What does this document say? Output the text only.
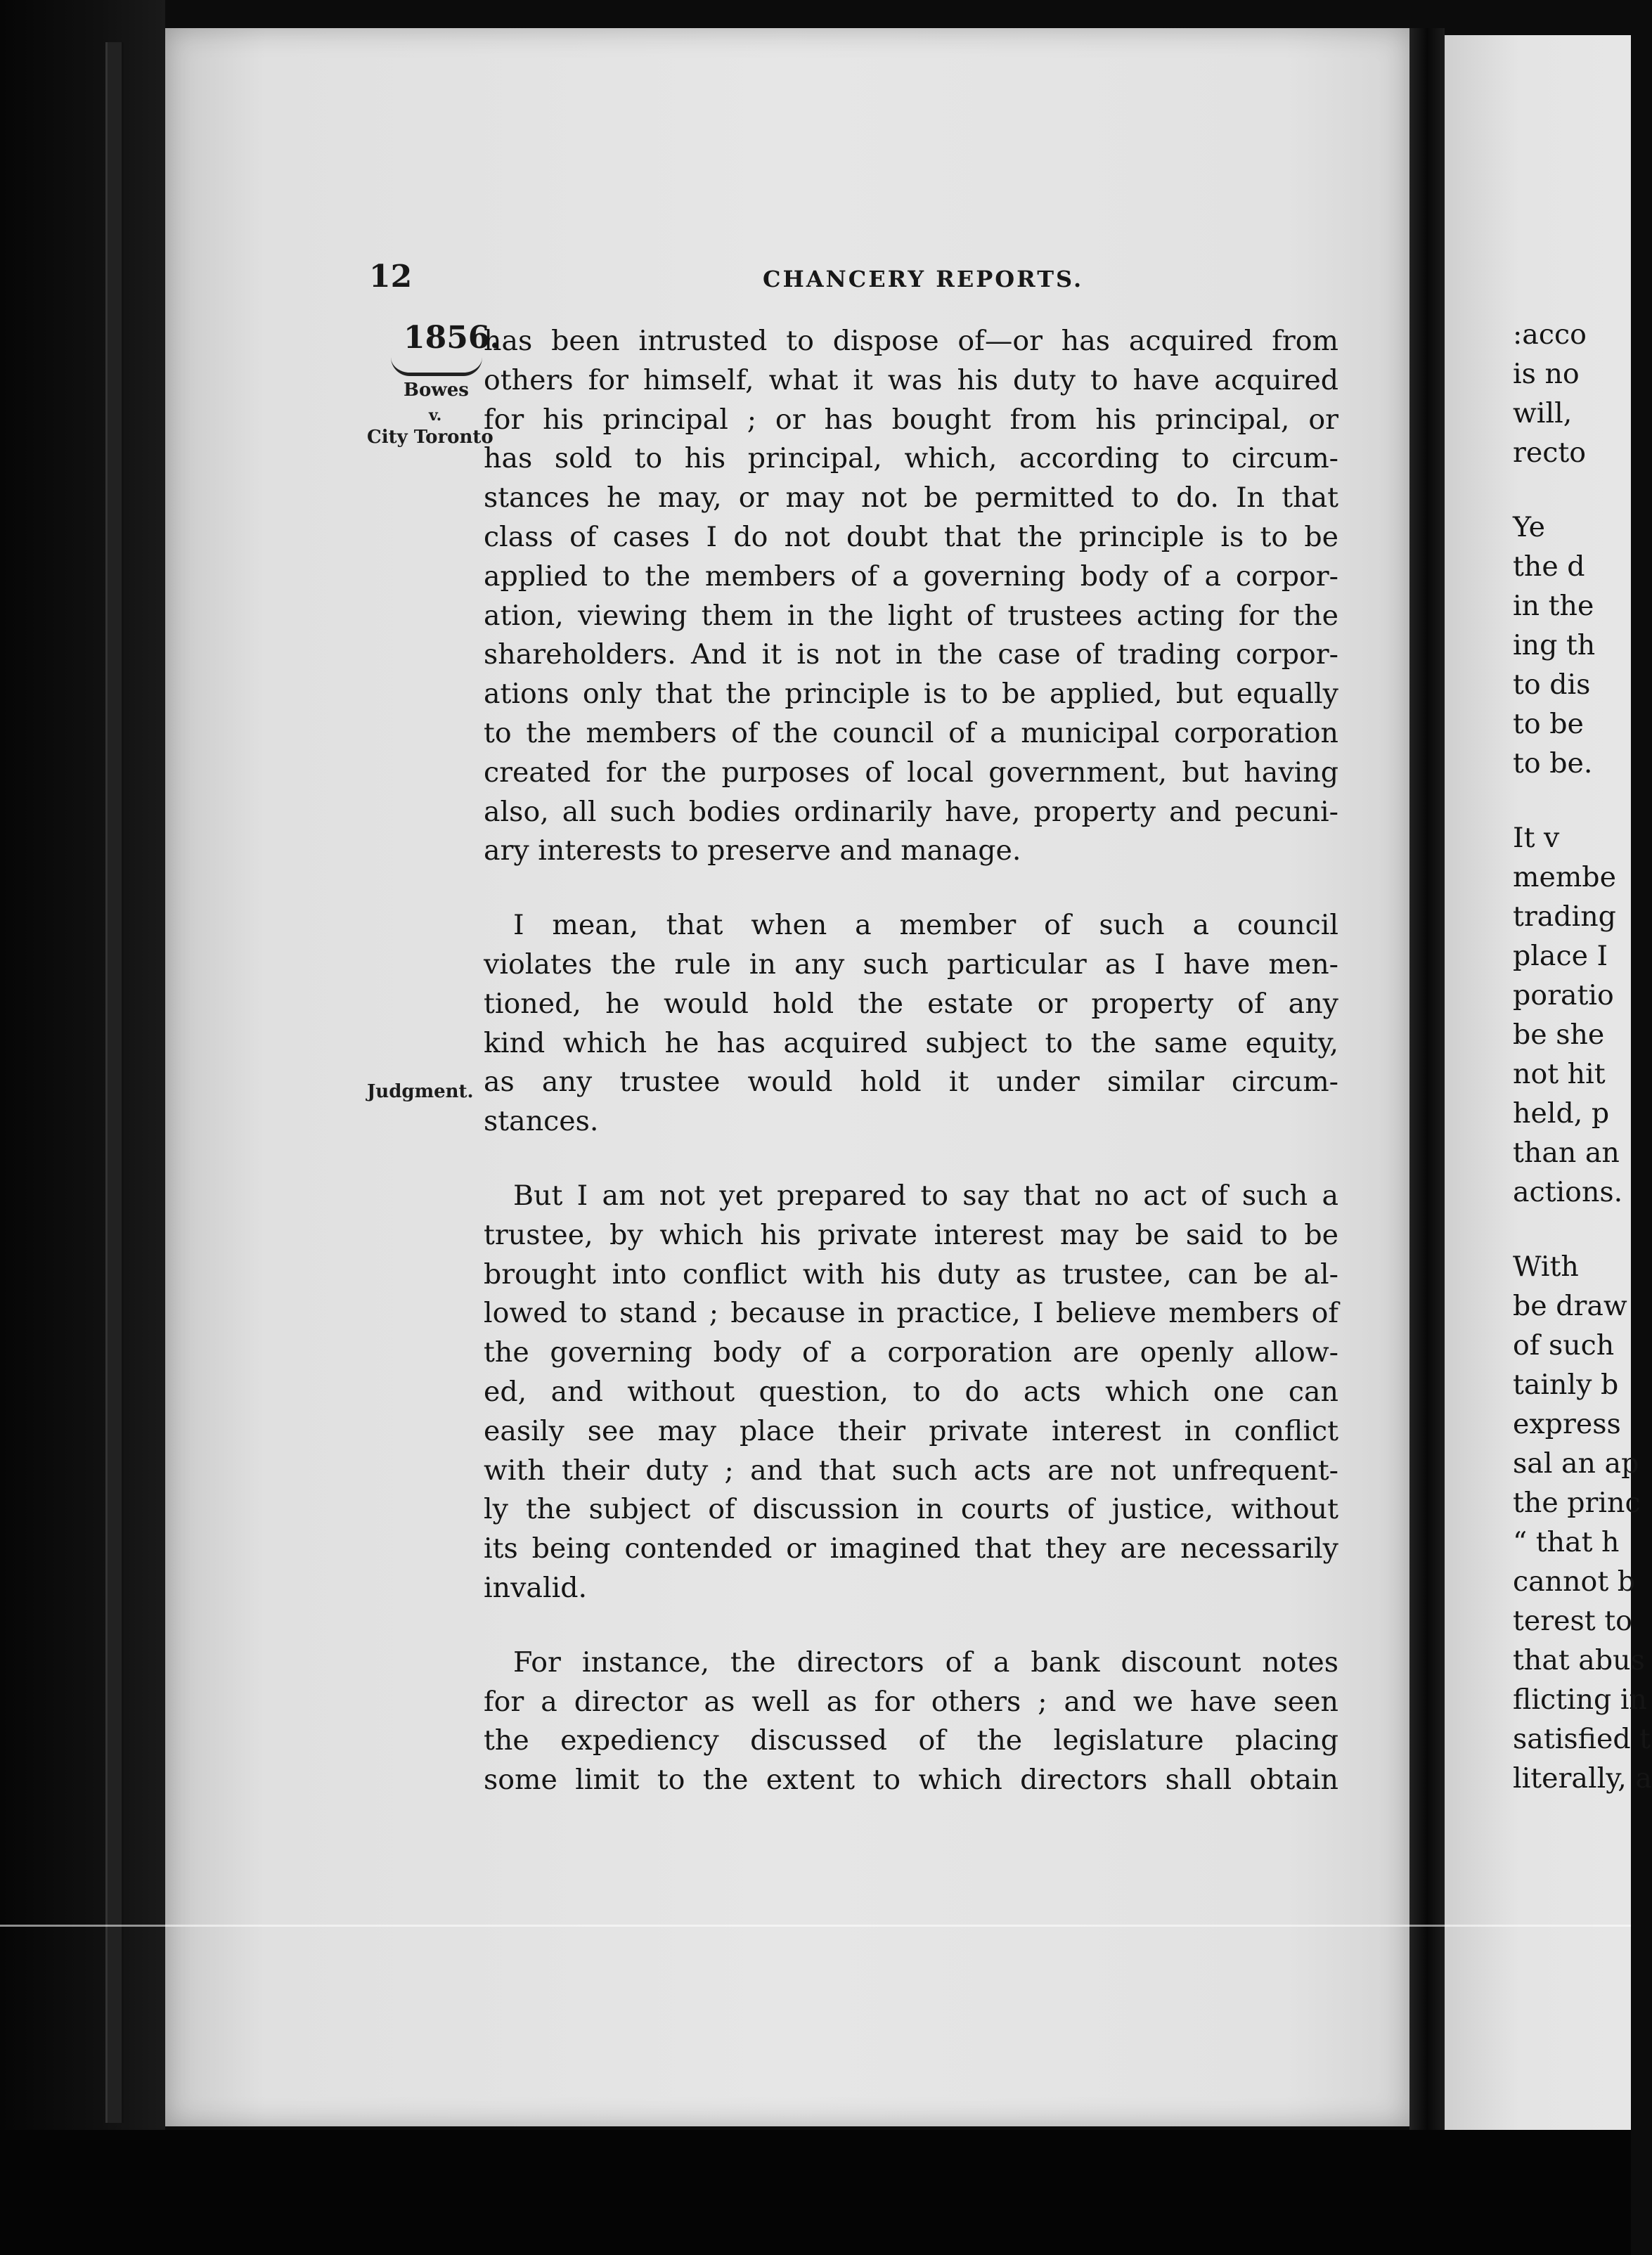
12	CHANCERY REPORTS.
1856.
Bowes
v.
City Toronto
Judgment.
has been intrusted to dispose of—or has acquired from
others for himself, what it was his duty to have acquired
for his principal ; or has bought from his principal, or
has sold to his principal, which, according to circum-
stances he may, or may not be permitted to do. In that
class of cases I do not doubt that the principle is to be
applied to the members of a governing body of a corpor-
ation, viewing them in the light of trustees acting for the
shareholders. And it is not in the case of trading corpor-
ations only that the principle is to be applied, but equally
to the members of the council of a municipal corporation
created for the purposes of local government, but having
also, all such bodies ordinarily have, property and pecuni-
ary interests to preserve and manage.
I mean, that when a member of such a council
violates the rule in any such particular as I have men-
tioned, he would hold the estate or property of any
kind which he has acquired subject to the same equity,
as any trustee would hold it under similar circum-
stances.
But I am not yet prepared to say that no act of such a
trustee, by which his private interest may be said to be
brought into conflict with his duty as trustee, can be al-
lowed to stand ; because in practice, I believe members of
the governing body of a corporation are openly allow-
ed, and without question, to do acts which one can
easily see may place their private interest in conflict
with their duty ; and that such acts are not unfrequent-
ly the subject of discussion in courts of justice, without
its being contended or imagined that they are necessarily
invalid.
For instance, the directors of a bank discount notes
for a director as well as for others ; and we have seen
the expediency discussed of the legislature placing
some limit to the extent to which directors shall obtain
:acco
is no
will,
recto
Ye
the d
in the
ing th
to dis
to be
to be.
It v
membe
trading
place I
poratio
be she
not hit
held, p
than an
actions.
With
be draw
of such
tainly b
express
sal an ap
the princ
“ that h
cannot b
terest to
that abus
flicting in
satisfied t
literally, a
